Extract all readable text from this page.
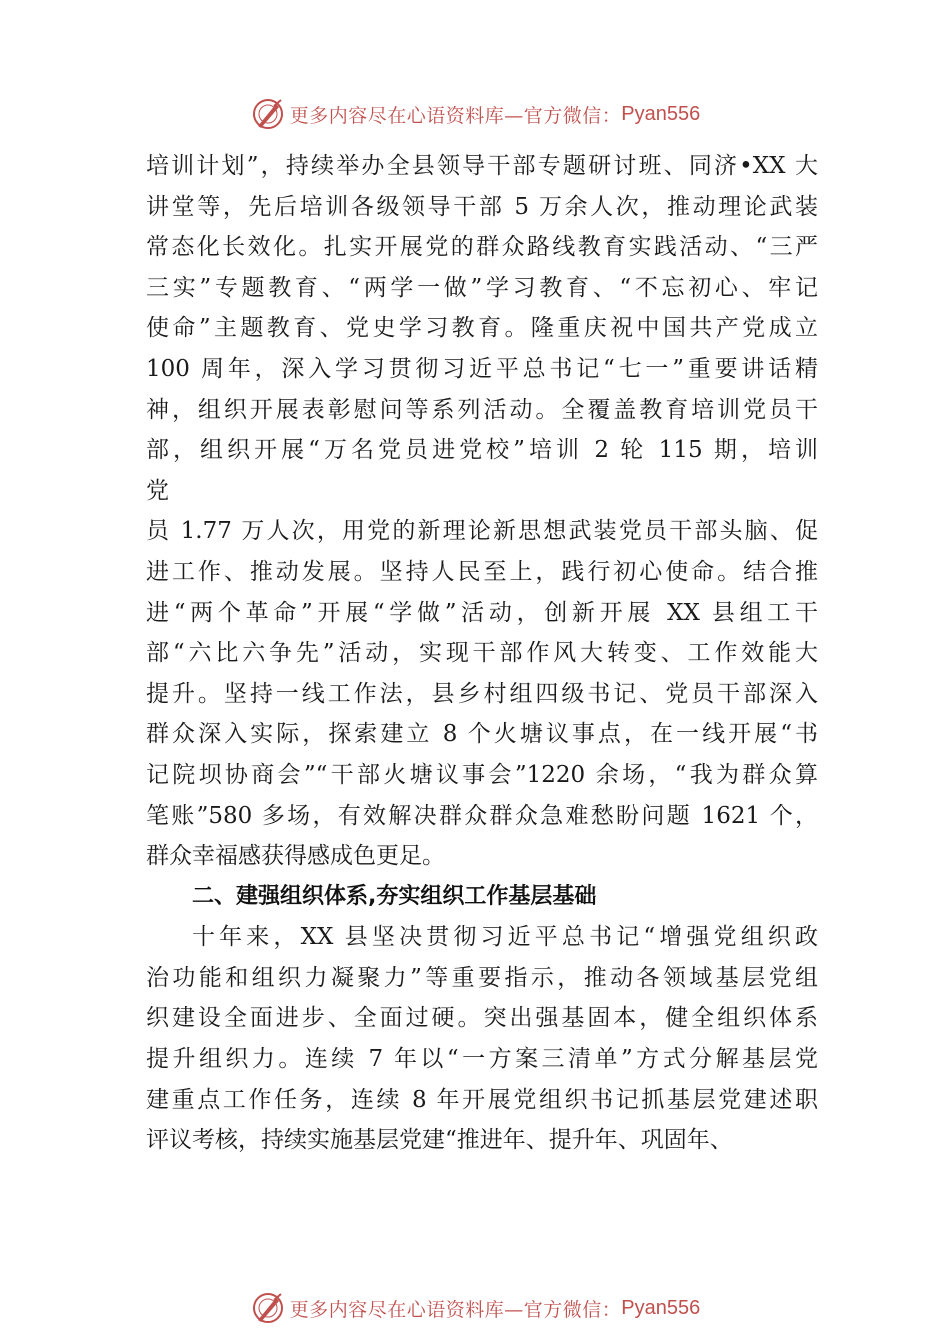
更多内容尽在心语资料库—官方微信： Pyan556
培训计划”，持续举办全县领导干部专题研讨班、同济•XX 大
讲堂等，先后培训各级领导干部 5 万余人次，推动理论武装
常态化长效化。扎实开展党的群众路线教育实践活动、“三严
三实”专题教育、“两学一做”学习教育、“不忘初心、牢记
使命”主题教育、党史学习教育。隆重庆祝中国共产党成立
100 周年，深入学习贯彻习近平总书记“七一”重要讲话精
神，组织开展表彰慰问等系列活动。全覆盖教育培训党员干
部，组织开展“万名党员进党校”培训 2 轮 115 期，培训
党
员 1.77 万人次，用党的新理论新思想武装党员干部头脑、促
进工作、推动发展。坚持人民至上，践行初心使命。结合推
进“两个革命”开展“学做”活动，创新开展 XX 县组工干
部“六比六争先”活动，实现干部作风大转变、工作效能大
提升。坚持一线工作法，县乡村组四级书记、党员干部深入
群众深入实际，探索建立 8 个火塘议事点，在一线开展“书
记院坝协商会”“干部火塘议事会”1220 余场，“我为群众算
笔账”580 多场，有效解决群众群众急难愁盼问题 1621 个，
群众幸福感获得感成色更足。
二、建强组织体系,夯实组织工作基层基础
十年来，XX 县坚决贯彻习近平总书记“增强党组织政
治功能和组织力凝聚力”等重要指示，推动各领域基层党组
织建设全面进步、全面过硬。突出强基固本，健全组织体系
提升组织力。连续 7 年以“一方案三清单”方式分解基层党
建重点工作任务，连续 8 年开展党组织书记抓基层党建述职
评议考核，持续实施基层党建“推进年、提升年、巩固年、
更多内容尽在心语资料库—官方微信： Pyan556
